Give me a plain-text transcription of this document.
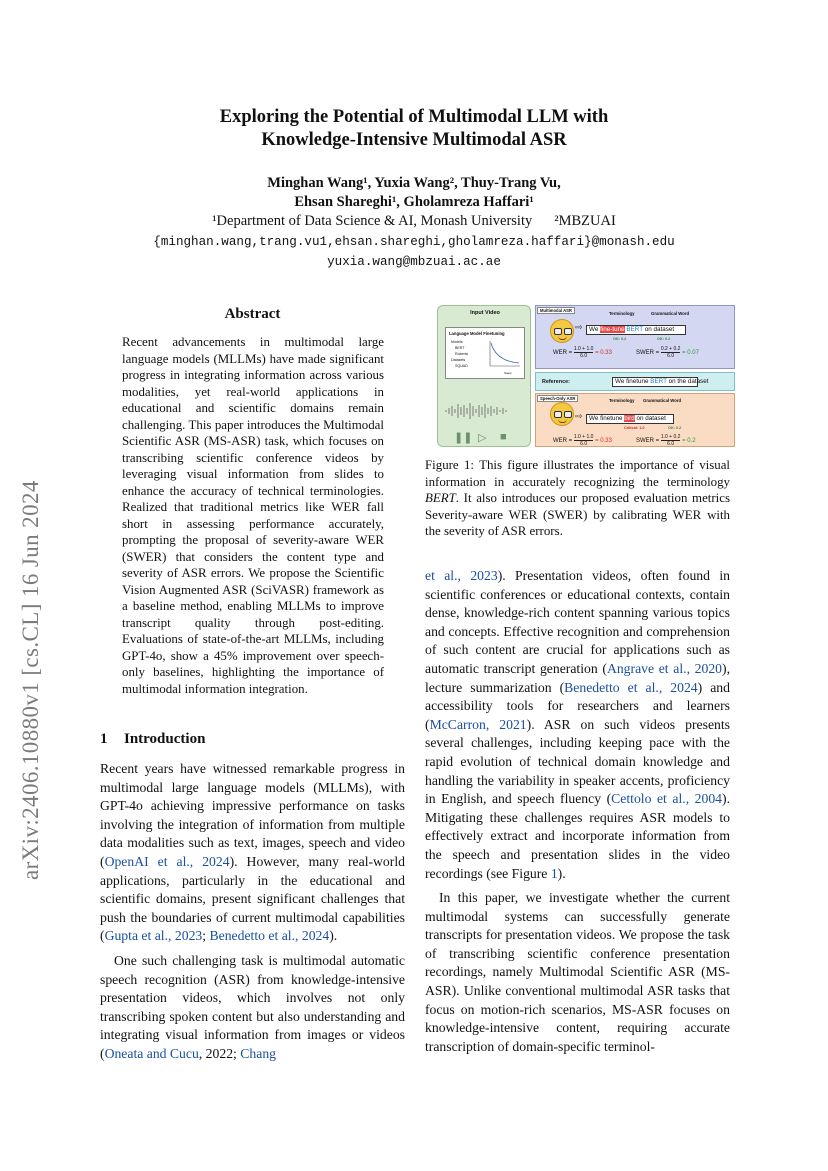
arXiv:2406.10880v1 [cs.CL] 16 Jun 2024
Exploring the Potential of Multimodal LLM with
Knowledge-Intensive Multimodal ASR
Minghan Wang¹, Yuxia Wang², Thuy-Trang Vu,
Ehsan Shareghi¹, Gholamreza Haffari¹
¹Department of Data Science & AI, Monash University ²MBZUAI
{minghan.wang,trang.vu1,ehsan.shareghi,gholamreza.haffari}@monash.edu
yuxia.wang@mbzuai.ac.ae
Abstract
Recent advancements in multimodal large language models (MLLMs) have made significant progress in integrating information across various modalities, yet real-world applications in educational and scientific domains remain challenging. This paper introduces the Multimodal Scientific ASR (MS-ASR) task, which focuses on transcribing scientific conference videos by leveraging visual information from slides to enhance the accuracy of technical terminologies. Realized that traditional metrics like WER fall short in assessing performance accurately, prompting the proposal of severity-aware WER (SWER) that considers the content type and severity of ASR errors. We propose the Scientific Vision Augmented ASR (SciVASR) framework as a baseline method, enabling MLLMs to improve transcript quality through post-editing. Evaluations of state-of-the-art MLLMs, including GPT-4o, show a 45% improvement over speech-only baselines, highlighting the importance of multimodal information integration.
1 Introduction

Recent years have witnessed remarkable progress in multimodal large language models (MLLMs), with GPT-4o achieving impressive performance on tasks involving the integration of information from multiple data modalities such as text, images, speech and video (OpenAI et al., 2024). However, many real-world applications, particularly in the educational and scientific domains, present significant challenges that push the boundaries of current multimodal capabilities (Gupta et al., 2023; Benedetto et al., 2024).

One such challenging task is multimodal automatic speech recognition (ASR) from knowledge-intensive presentation videos, which involves not only transcribing spoken content but also understanding and integrating visual information from images or videos (Oneata and Cucu, 2022; Chang

Input Video
Language Model Finetuning
Models
BERT
Roberta
Datasets
SQUAD
Steps
❚❚ ▷ ■
Multimodal ASR
Terminology	Grammatical Word
⇨	We fine-tune BERT on dataset
OK: 0.2	OK: 0.2
WER = $\frac{1.0 + 1.0}{6.0} = 0.33$	SWER = $\frac{0.2 + 0.2}{6.0} = 0.07$
Reference:	We finetune BERT on the dataset
Speech-Only ASR	Terminology Grammatical Word
⇨	We finetune bird on dataset
Critical: 1.0	OK: 0.2
WER = $\frac{1.0 + 1.0}{6.0} = 0.33$	SWER = $\frac{1.0 + 0.2}{6.0} = 0.2$
Figure 1: This figure illustrates the importance of visual information in accurately recognizing the terminology BERT. It also introduces our proposed evaluation metrics Severity-aware WER (SWER) by calibrating WER with the severity of ASR errors.

et al., 2023). Presentation videos, often found in scientific conferences or educational contexts, contain dense, knowledge-rich content spanning various topics and concepts. Effective recognition and comprehension of such content are crucial for applications such as automatic transcript generation (Angrave et al., 2020), lecture summarization (Benedetto et al., 2024) and accessibility tools for researchers and learners (McCarron, 2021). ASR on such videos presents several challenges, including keeping pace with the rapid evolution of technical domain knowledge and handling the variability in speaker accents, proficiency in English, and speech fluency (Cettolo et al., 2004). Mitigating these challenges requires ASR models to effectively extract and incorporate information from the speech and presentation slides in the video recordings (see Figure 1).

In this paper, we investigate whether the current multimodal systems can successfully generate transcripts for presentation videos. We propose the task of transcribing scientific conference presentation recordings, namely Multimodal Scientific ASR (MS-ASR). Unlike conventional multimodal ASR tasks that focus on motion-rich scenarios, MS-ASR focuses on knowledge-intensive content, requiring accurate transcription of domain-specific terminol-
